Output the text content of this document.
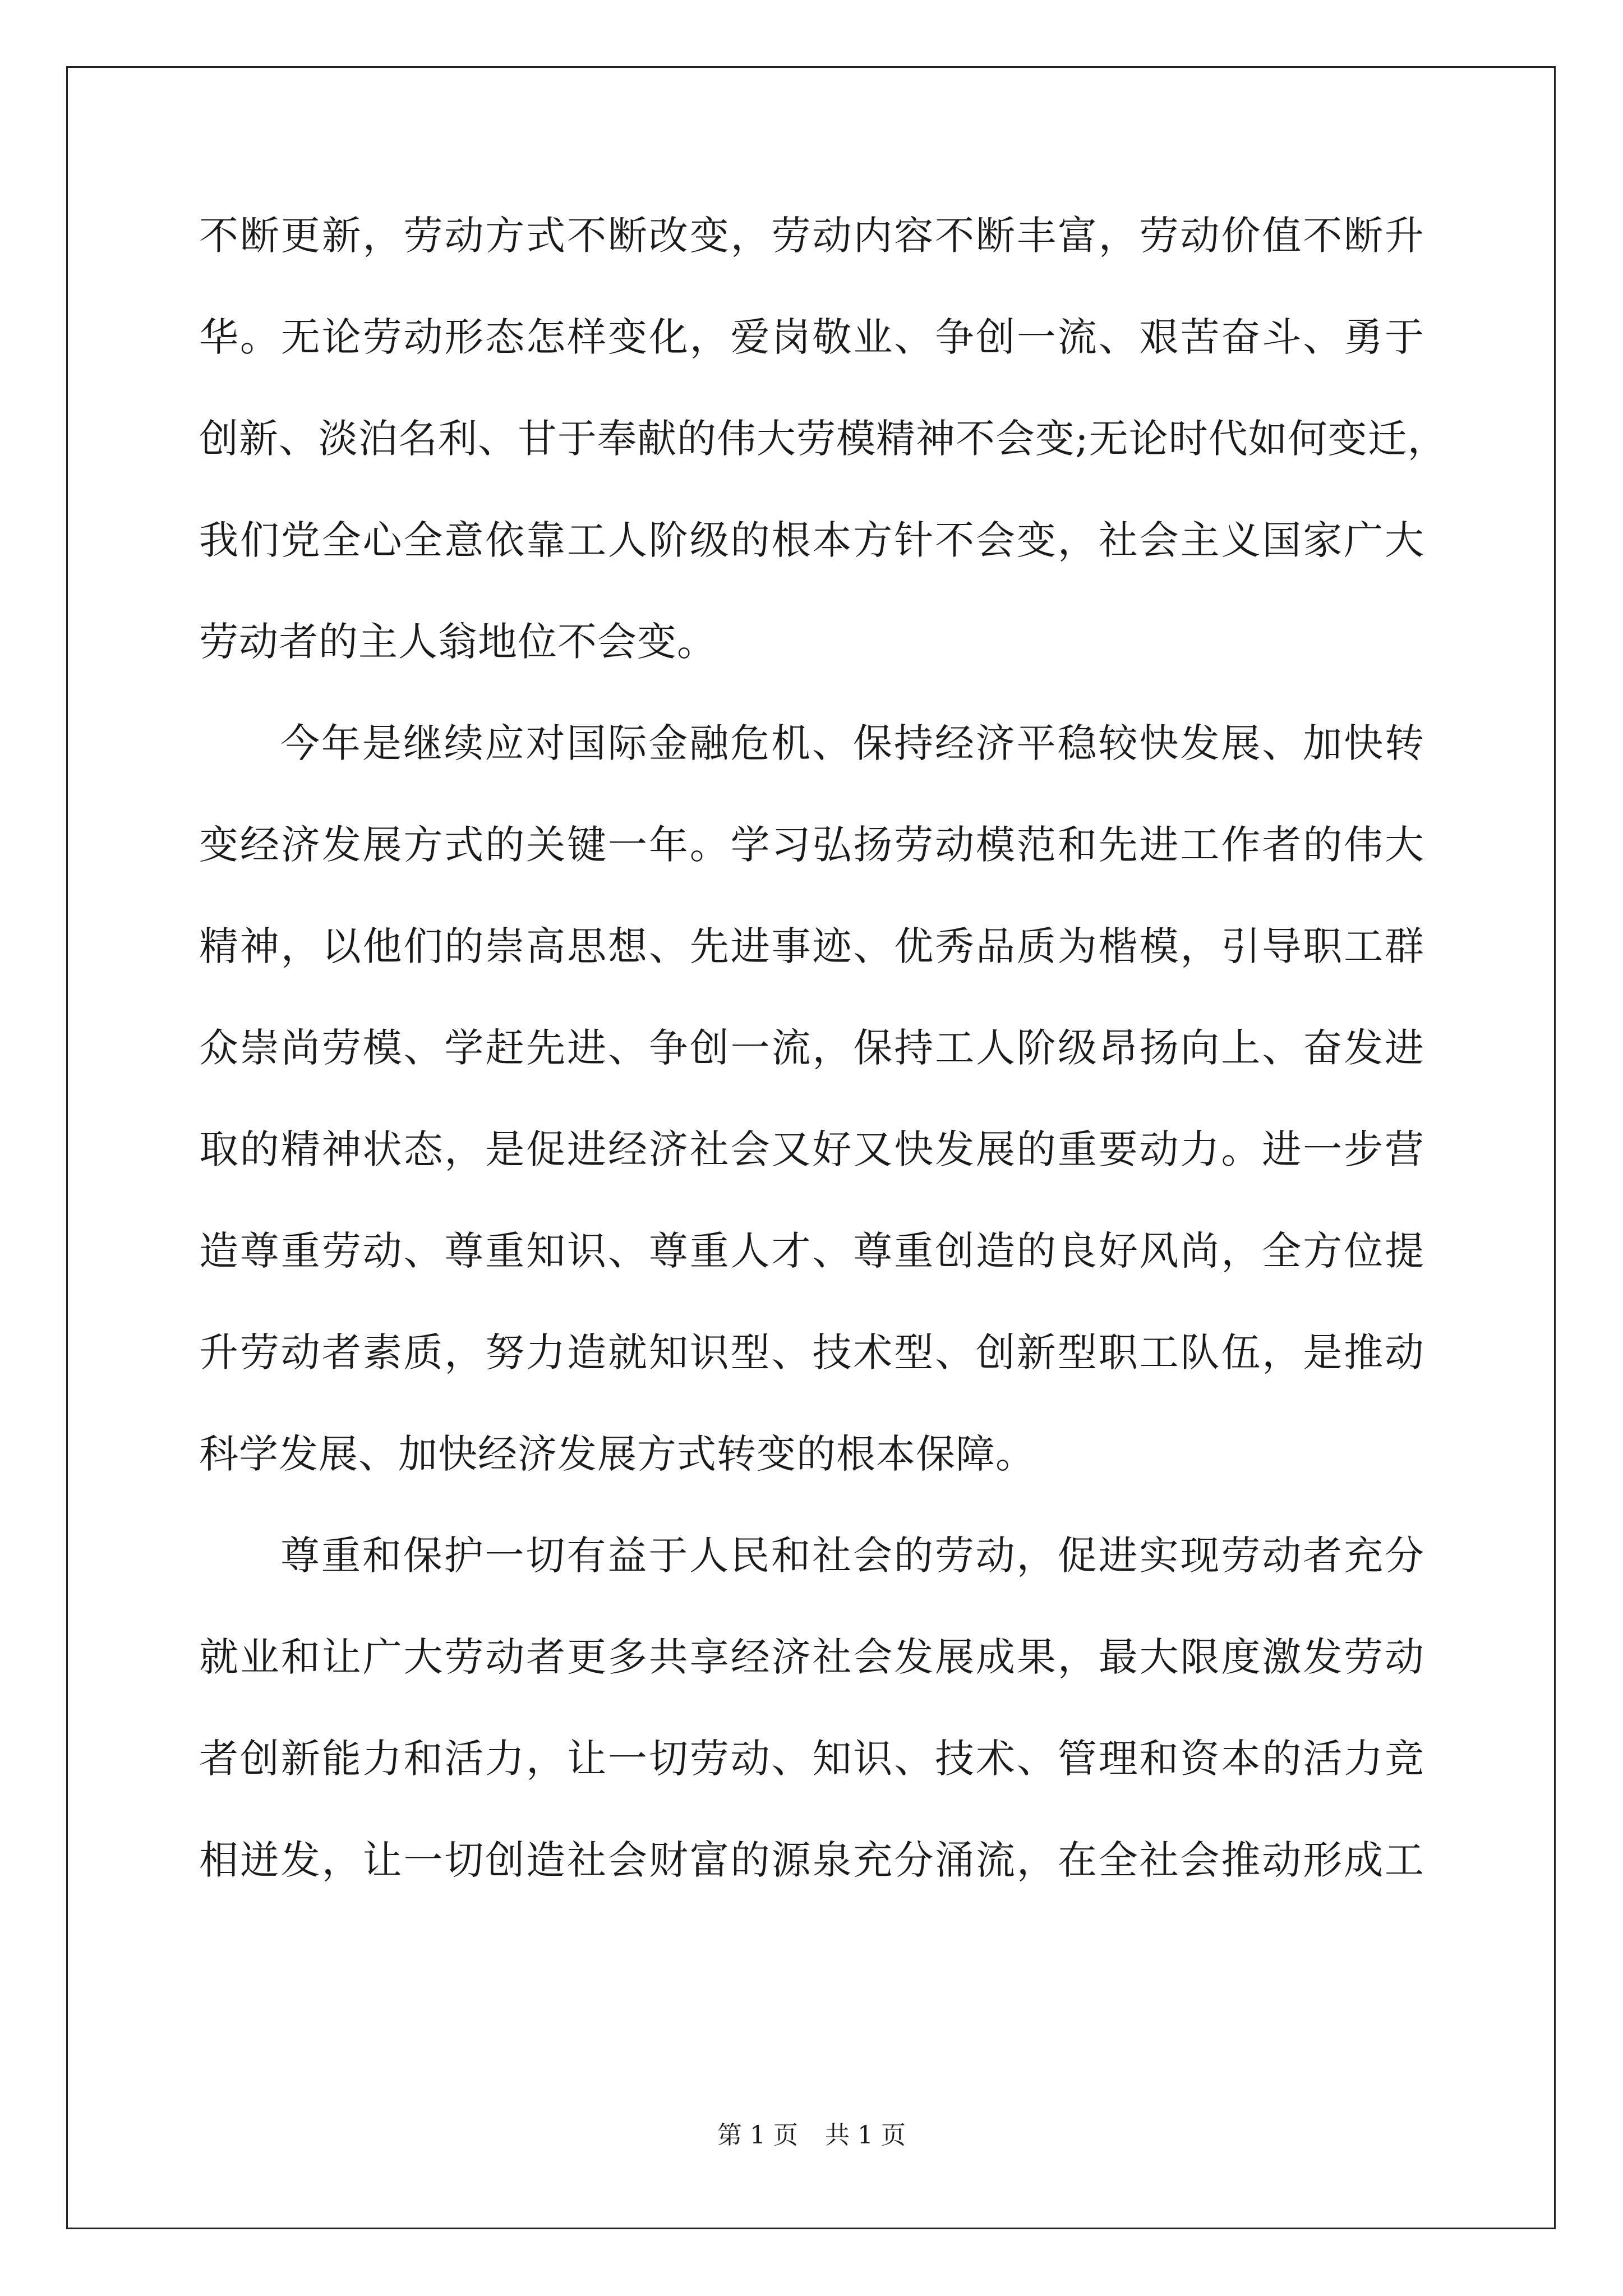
不断更新，劳动方式不断改变，劳动内容不断丰富，劳动价值不断升
华。无论劳动形态怎样变化，爱岗敬业、争创一流、艰苦奋斗、勇于
创新、淡泊名利、甘于奉献的伟大劳模精神不会变;无论时代如何变迁，
我们党全心全意依靠工人阶级的根本方针不会变，社会主义国家广大
劳动者的主人翁地位不会变。
今年是继续应对国际金融危机、保持经济平稳较快发展、加快转
变经济发展方式的关键一年。学习弘扬劳动模范和先进工作者的伟大
精神，以他们的崇高思想、先进事迹、优秀品质为楷模，引导职工群
众崇尚劳模、学赶先进、争创一流，保持工人阶级昂扬向上、奋发进
取的精神状态，是促进经济社会又好又快发展的重要动力。进一步营
造尊重劳动、尊重知识、尊重人才、尊重创造的良好风尚，全方位提
升劳动者素质，努力造就知识型、技术型、创新型职工队伍，是推动
科学发展、加快经济发展方式转变的根本保障。
尊重和保护一切有益于人民和社会的劳动，促进实现劳动者充分
就业和让广大劳动者更多共享经济社会发展成果，最大限度激发劳动
者创新能力和活力，让一切劳动、知识、技术、管理和资本的活力竞
相迸发，让一切创造社会财富的源泉充分涌流，在全社会推动形成工
第 1 页 共 1 页
